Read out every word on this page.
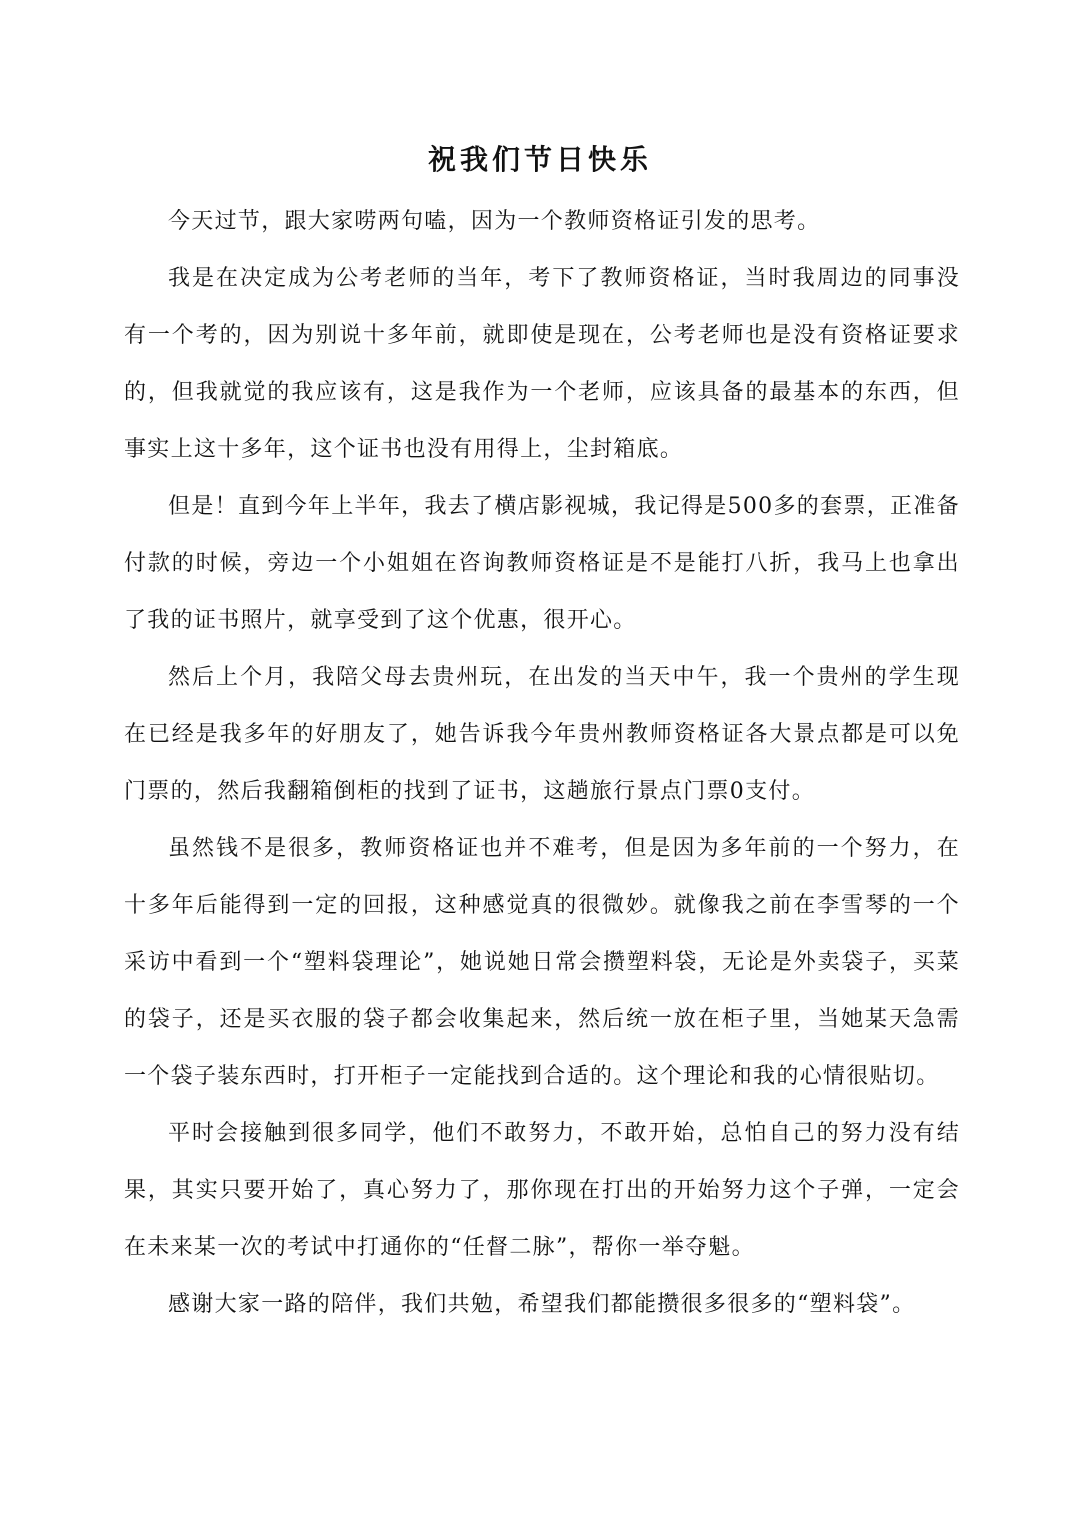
祝我们节日快乐

今天过节，跟大家唠两句嗑，因为一个教师资格证引发的思考。

我是在决定成为公考老师的当年，考下了教师资格证，当时我周边的同事没有一个考的，因为别说十多年前，就即使是现在，公考老师也是没有资格证要求的，但我就觉的我应该有，这是我作为一个老师，应该具备的最基本的东西，但事实上这十多年，这个证书也没有用得上，尘封箱底。

但是！直到今年上半年，我去了横店影视城，我记得是500多的套票，正准备付款的时候，旁边一个小姐姐在咨询教师资格证是不是能打八折，我马上也拿出了我的证书照片，就享受到了这个优惠，很开心。

然后上个月，我陪父母去贵州玩，在出发的当天中午，我一个贵州的学生现在已经是我多年的好朋友了，她告诉我今年贵州教师资格证各大景点都是可以免门票的，然后我翻箱倒柜的找到了证书，这趟旅行景点门票0支付。

虽然钱不是很多，教师资格证也并不难考，但是因为多年前的一个努力，在十多年后能得到一定的回报，这种感觉真的很微妙。就像我之前在李雪琴的一个采访中看到一个“塑料袋理论”，她说她日常会攒塑料袋，无论是外卖袋子，买菜的袋子，还是买衣服的袋子都会收集起来，然后统一放在柜子里，当她某天急需一个袋子装东西时，打开柜子一定能找到合适的。这个理论和我的心情很贴切。

平时会接触到很多同学，他们不敢努力，不敢开始，总怕自己的努力没有结果，其实只要开始了，真心努力了，那你现在打出的开始努力这个子弹，一定会在未来某一次的考试中打通你的“任督二脉”，帮你一举夺魁。

感谢大家一路的陪伴，我们共勉，希望我们都能攒很多很多的“塑料袋”。
